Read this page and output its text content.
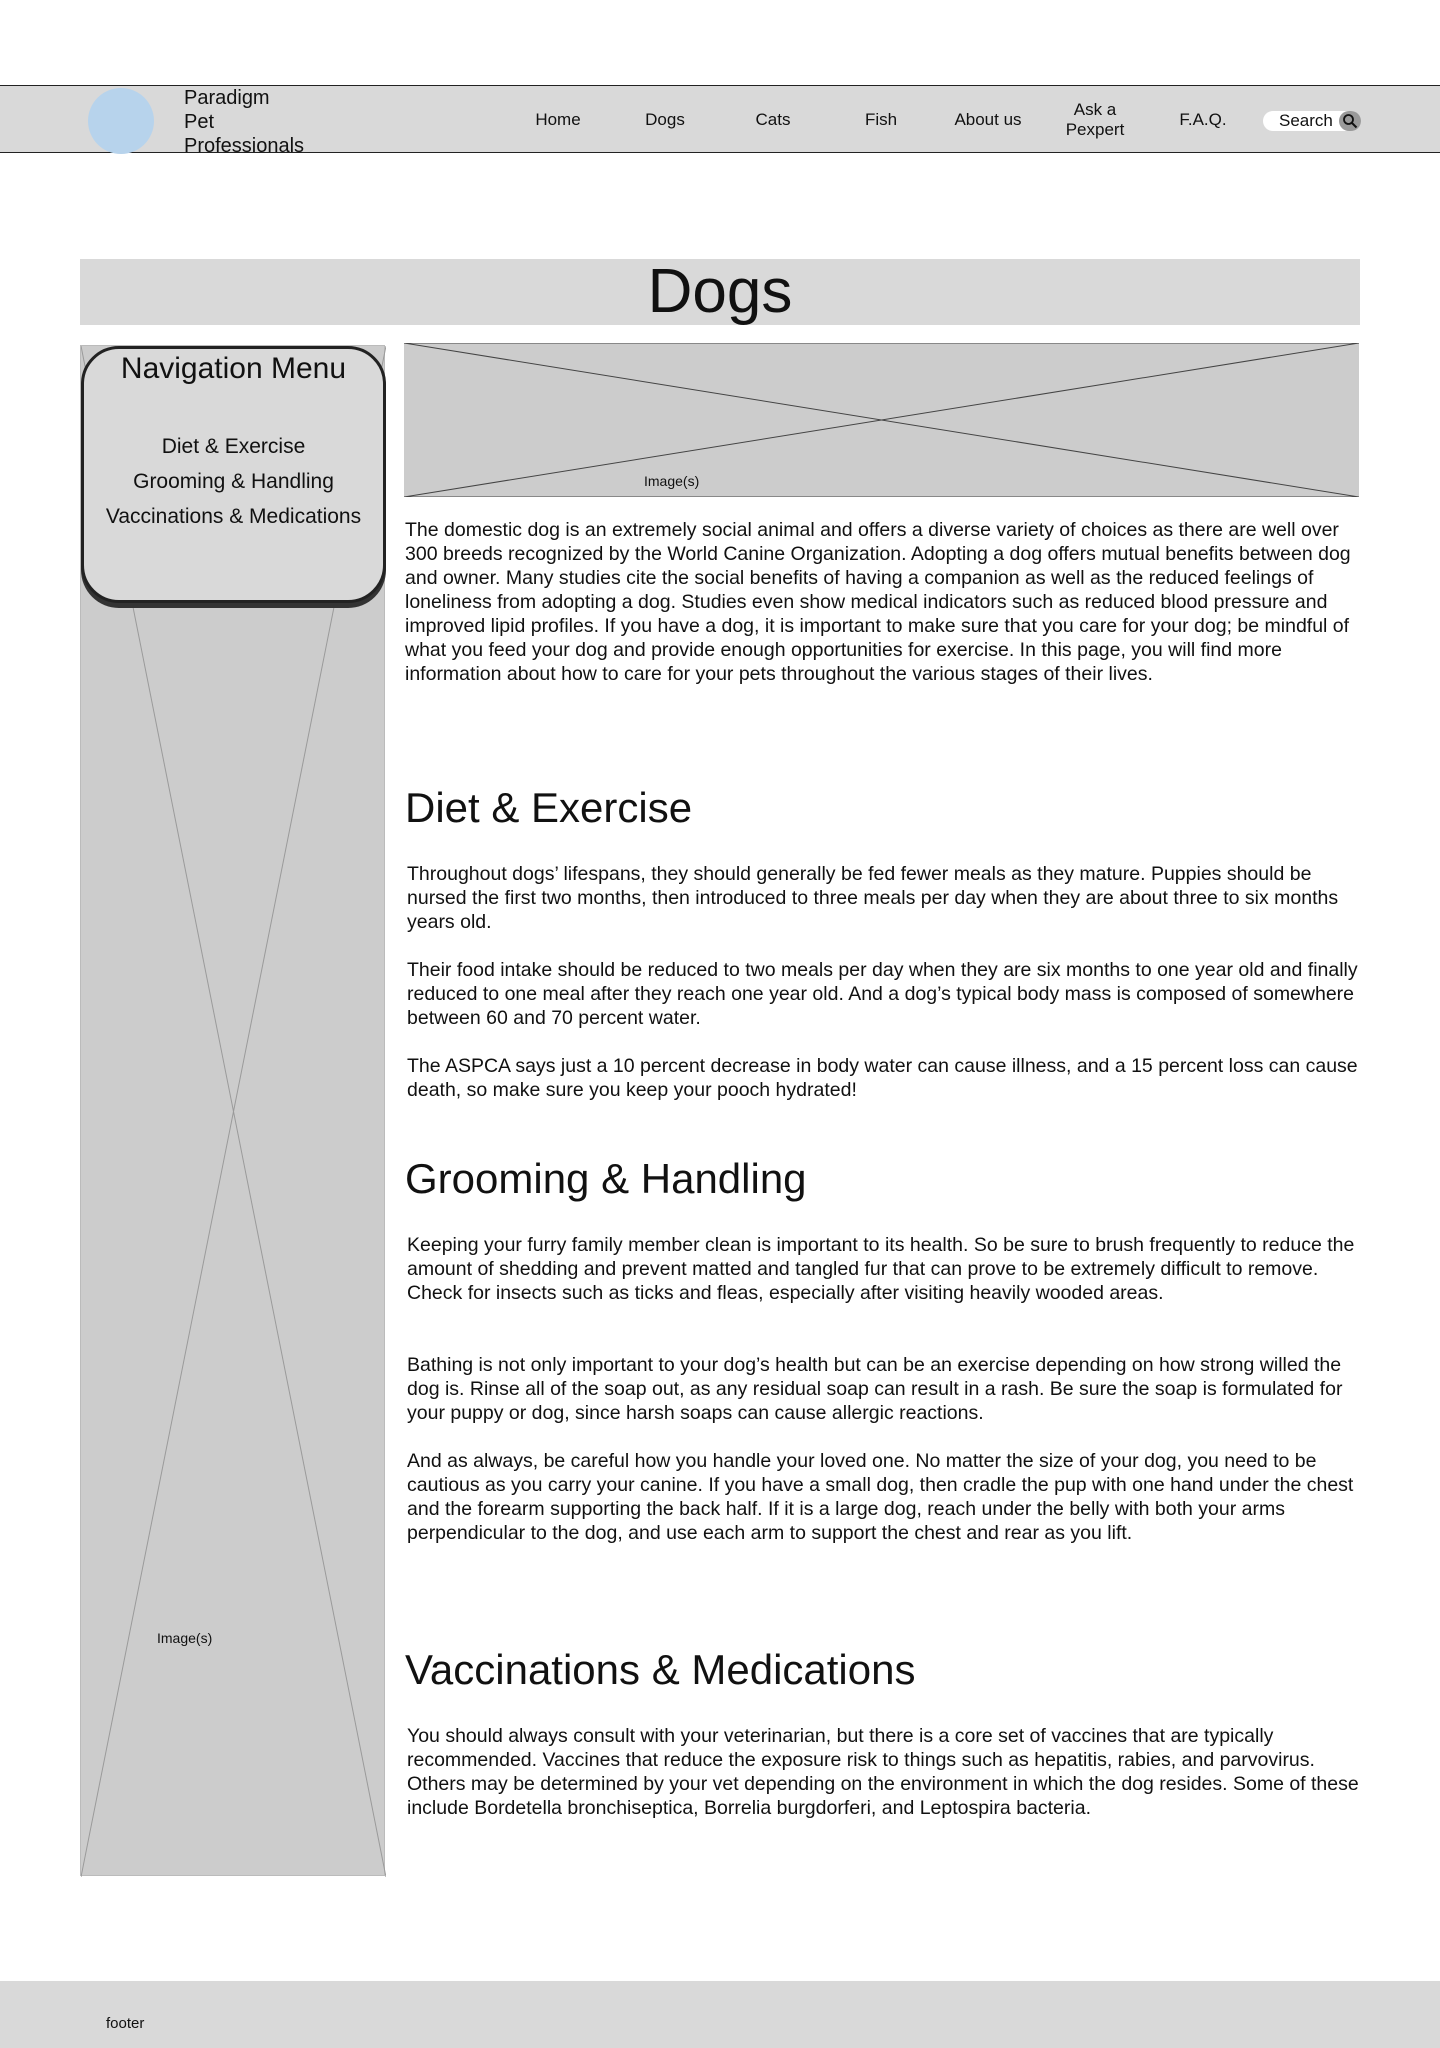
Paradigm
Pet
Professionals
Home	Dogs	Cats	Fish	About us
Ask a Pexpert
F.A.Q.	Search
Dogs
Image(s)
Navigation Menu
Diet & Exercise
Grooming & Handling
Vaccinations & Medications
Image(s)

The domestic dog is an extremely social animal and offers a diverse variety of choices as there are well over 300 breeds recognized by the World Canine Organization. Adopting a dog offers mutual benefits between dog and owner. Many studies cite the social benefits of having a companion as well as the reduced feelings of loneliness from adopting a dog. Studies even show medical indicators such as reduced blood pressure and improved lipid profiles. If you have a dog, it is important to make sure that you care for your dog; be mindful of what you feed your dog and provide enough opportunities for exercise. In this page, you will find more information about how to care for your pets throughout the various stages of their lives.

Diet & Exercise

Throughout dogs’ lifespans, they should generally be fed fewer meals as they mature. Puppies should be nursed the first two months, then introduced to three meals per day when they are about three to six months years old.

Their food intake should be reduced to two meals per day when they are six months to one year old and finally reduced to one meal after they reach one year old. And a dog’s typical body mass is composed of somewhere between 60 and 70 percent water.

The ASPCA says just a 10 percent decrease in body water can cause illness, and a 15 percent loss can cause death, so make sure you keep your pooch hydrated!

Grooming & Handling

Keeping your furry family member clean is important to its health. So be sure to brush frequently to reduce the amount of shedding and prevent matted and tangled fur that can prove to be extremely difficult to remove. Check for insects such as ticks and fleas, especially after visiting heavily wooded areas.

Bathing is not only important to your dog’s health but can be an exercise depending on how strong willed the dog is. Rinse all of the soap out, as any residual soap can result in a rash. Be sure the soap is formulated for your puppy or dog, since harsh soaps can cause allergic reactions.

And as always, be careful how you handle your loved one. No matter the size of your dog, you need to be cautious as you carry your canine. If you have a small dog, then cradle the pup with one hand under the chest and the forearm supporting the back half. If it is a large dog, reach under the belly with both your arms perpendicular to the dog, and use each arm to support the chest and rear as you lift.

Vaccinations & Medications

You should always consult with your veterinarian, but there is a core set of vaccines that are typically recommended. Vaccines that reduce the exposure risk to things such as hepatitis, rabies, and parvovirus. Others may be determined by your vet depending on the environment in which the dog resides. Some of these include Bordetella bronchiseptica, Borrelia burgdorferi, and Leptospira bacteria.

footer
